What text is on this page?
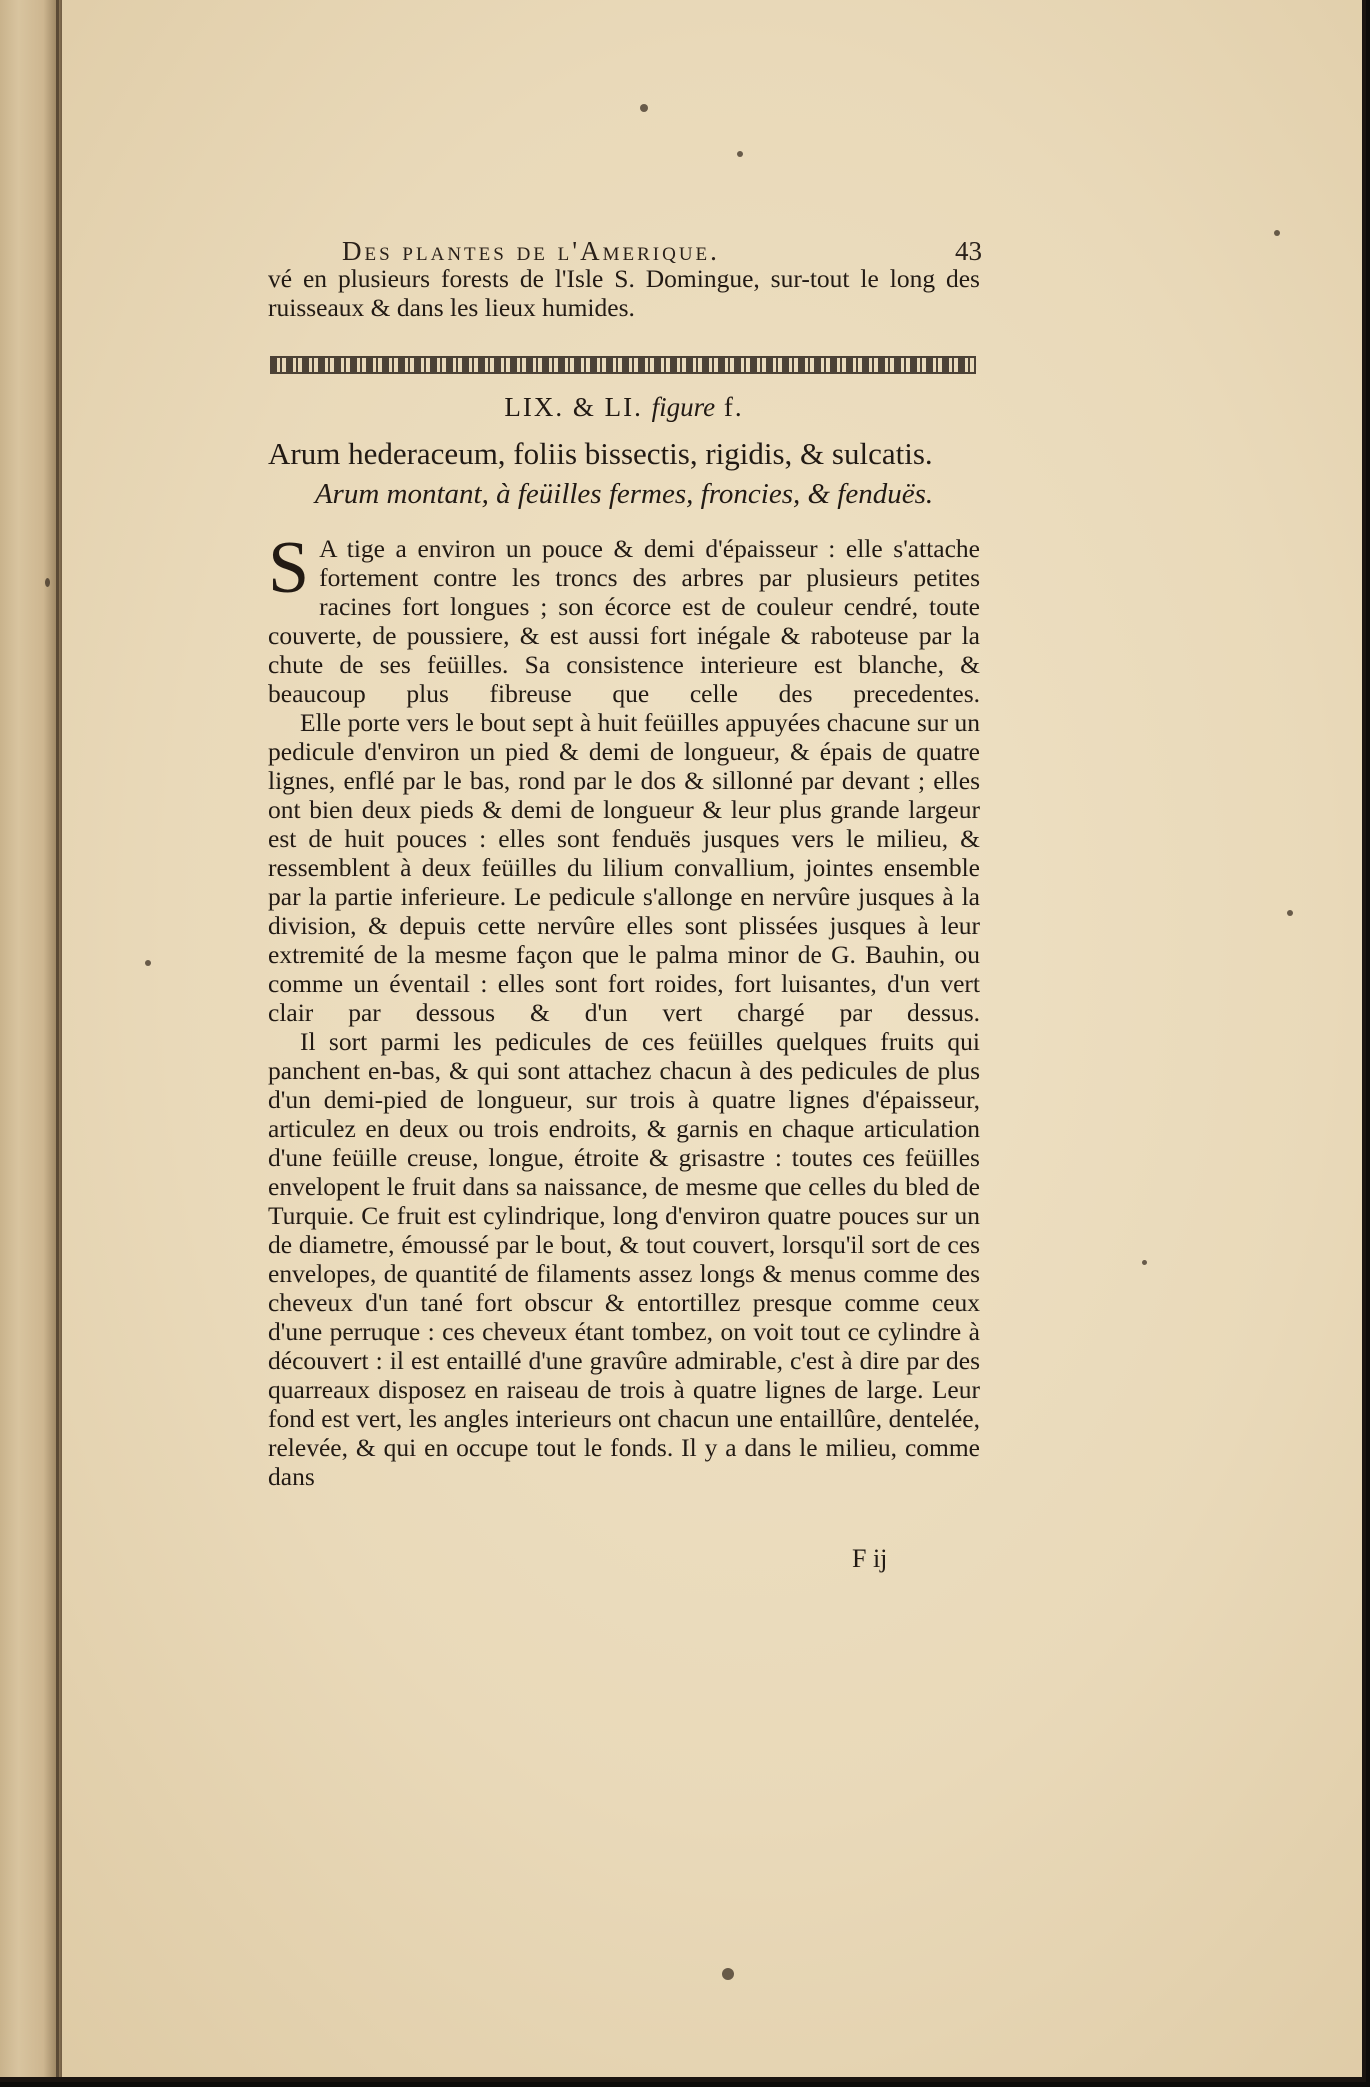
Des plantes de l'Amerique.	43

vé en plusieurs forests de l'Isle S. Domingue, sur-tout le long des ruisseaux & dans les lieux humides.

LIX. & LI. figure f.
Arum hederaceum, foliis bissectis, rigidis, & sulcatis.
Arum montant, à feüilles fermes, froncies, & fenduës.

S A tige a environ un pouce & demi d'épaisseur : elle s'attache fortement contre les troncs des arbres par plusieurs petites racines fort longues ; son écorce est de couleur cendré, toute couverte, de poussiere, & est aussi fort inégale & raboteuse par la chute de ses feüilles. Sa consistence interieure est blanche, & beaucoup plus fibreuse que celle des precedentes.

Elle porte vers le bout sept à huit feüilles appuyées chacune sur un pedicule d'environ un pied & demi de longueur, & épais de quatre lignes, enflé par le bas, rond par le dos & sillonné par devant ; elles ont bien deux pieds & demi de longueur & leur plus grande largeur est de huit pouces : elles sont fenduës jusques vers le milieu, & ressemblent à deux feüilles du lilium convallium, jointes ensemble par la partie inferieure. Le pedicule s'allonge en nervûre jusques à la division, & depuis cette nervûre elles sont plissées jusques à leur extremité de la mesme façon que le palma minor de G. Bauhin, ou comme un éventail : elles sont fort roides, fort luisantes, d'un vert clair par dessous & d'un vert chargé par dessus.

Il sort parmi les pedicules de ces feüilles quelques fruits qui panchent en-bas, & qui sont attachez chacun à des pedicules de plus d'un demi-pied de longueur, sur trois à quatre lignes d'épaisseur, articulez en deux ou trois endroits, & garnis en chaque articulation d'une feüille creuse, longue, étroite & grisastre : toutes ces feüilles envelopent le fruit dans sa naissance, de mesme que celles du bled de Turquie. Ce fruit est cylindrique, long d'environ quatre pouces sur un de diametre, émoussé par le bout, & tout couvert, lorsqu'il sort de ces envelopes, de quantité de filaments assez longs & menus comme des cheveux d'un tané fort obscur & entortillez presque comme ceux d'une perruque : ces cheveux étant tombez, on voit tout ce cylindre à découvert : il est entaillé d'une gravûre admirable, c'est à dire par des quarreaux disposez en raiseau de trois à quatre lignes de large. Leur fond est vert, les angles interieurs ont chacun une entaillûre, dentelée, relevée, & qui en occupe tout le fonds. Il y a dans le milieu, comme dans

F ij
